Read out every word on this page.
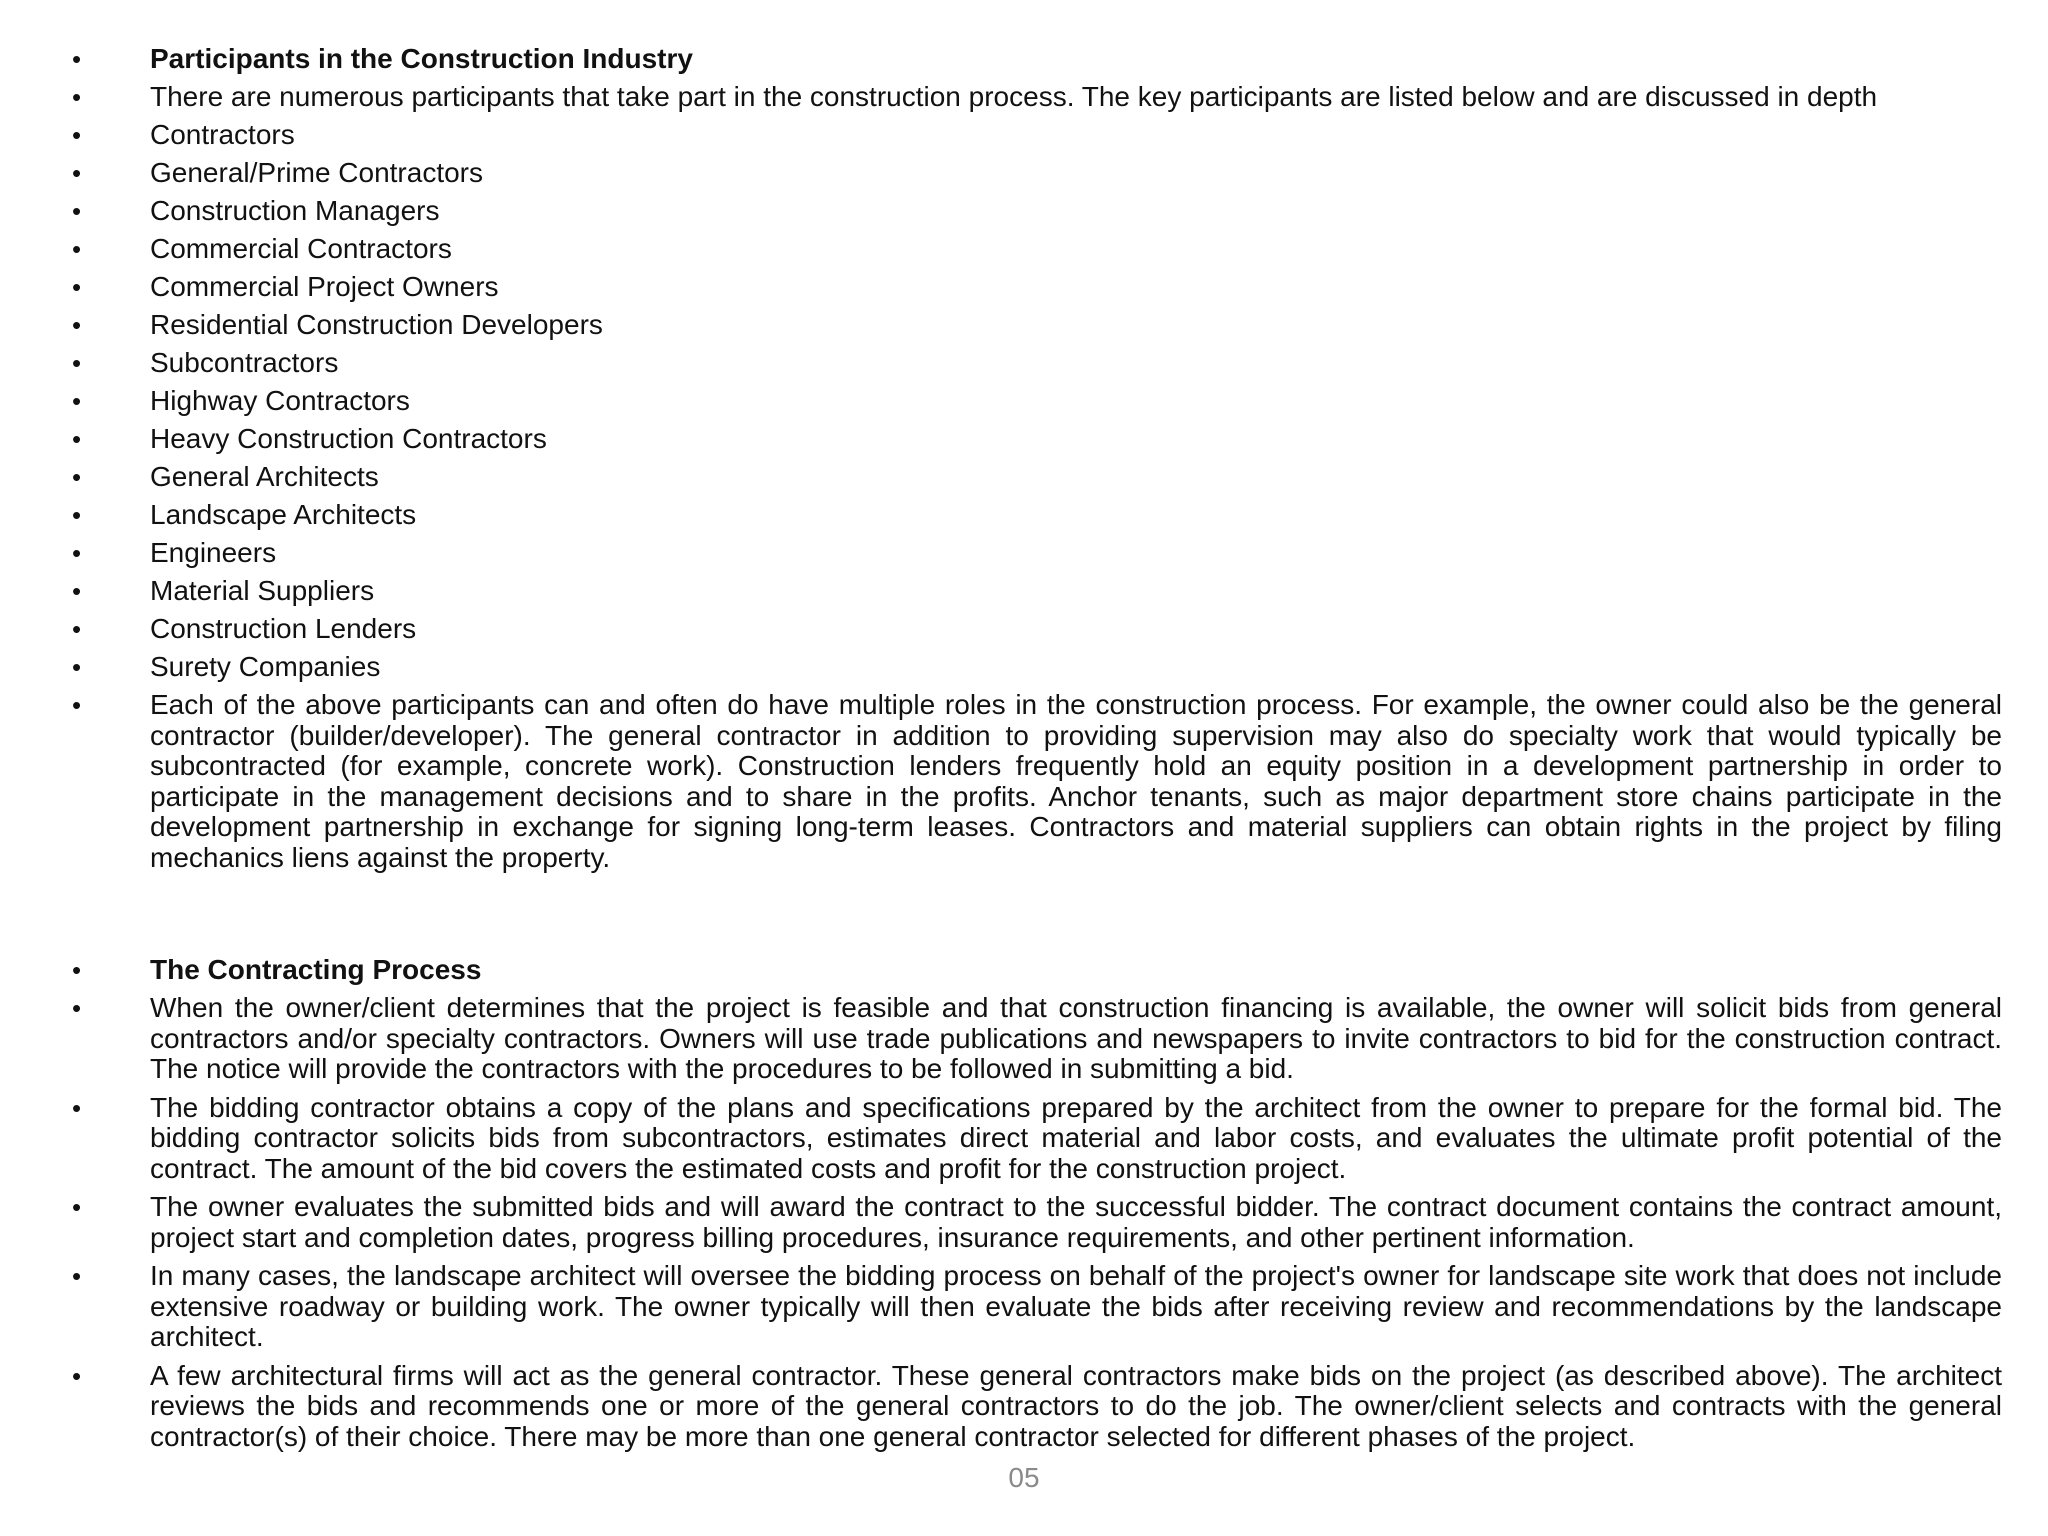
• Participants in the Construction Industry
• There are numerous participants that take part in the construction process. The key participants are listed below and are discussed in depth
• Contractors
• General/Prime Contractors
• Construction Managers
• Commercial Contractors
• Commercial Project Owners
• Residential Construction Developers
• Subcontractors
• Highway Contractors
• Heavy Construction Contractors
• General Architects
• Landscape Architects
• Engineers
• Material Suppliers
• Construction Lenders
• Surety Companies
• Each of the above participants can and often do have multiple roles in the construction process. For example, the owner could also be the general contractor (builder/developer). The general contractor in addition to providing supervision may also do specialty work that would typically be subcontracted (for example, concrete work). Construction lenders frequently hold an equity position in a development partnership in order to participate in the management decisions and to share in the profits. Anchor tenants, such as major department store chains participate in the development partnership in exchange for signing long-term leases. Contractors and material suppliers can obtain rights in the project by filing mechanics liens against the property.
• The Contracting Process
• When the owner/client determines that the project is feasible and that construction financing is available, the owner will solicit bids from general contractors and/or specialty contractors. Owners will use trade publications and newspapers to invite contractors to bid for the construction contract. The notice will provide the contractors with the procedures to be followed in submitting a bid.
• The bidding contractor obtains a copy of the plans and specifications prepared by the architect from the owner to prepare for the formal bid. The bidding contractor solicits bids from subcontractors, estimates direct material and labor costs, and evaluates the ultimate profit potential of the contract. The amount of the bid covers the estimated costs and profit for the construction project.
• The owner evaluates the submitted bids and will award the contract to the successful bidder. The contract document contains the contract amount, project start and completion dates, progress billing procedures, insurance requirements, and other pertinent information.
• In many cases, the landscape architect will oversee the bidding process on behalf of the project's owner for landscape site work that does not include extensive roadway or building work. The owner typically will then evaluate the bids after receiving review and recommendations by the landscape architect.
• A few architectural firms will act as the general contractor. These general contractors make bids on the project (as described above). The architect reviews the bids and recommends one or more of the general contractors to do the job. The owner/client selects and contracts with the general contractor(s) of their choice. There may be more than one general contractor selected for different phases of the project.
05
